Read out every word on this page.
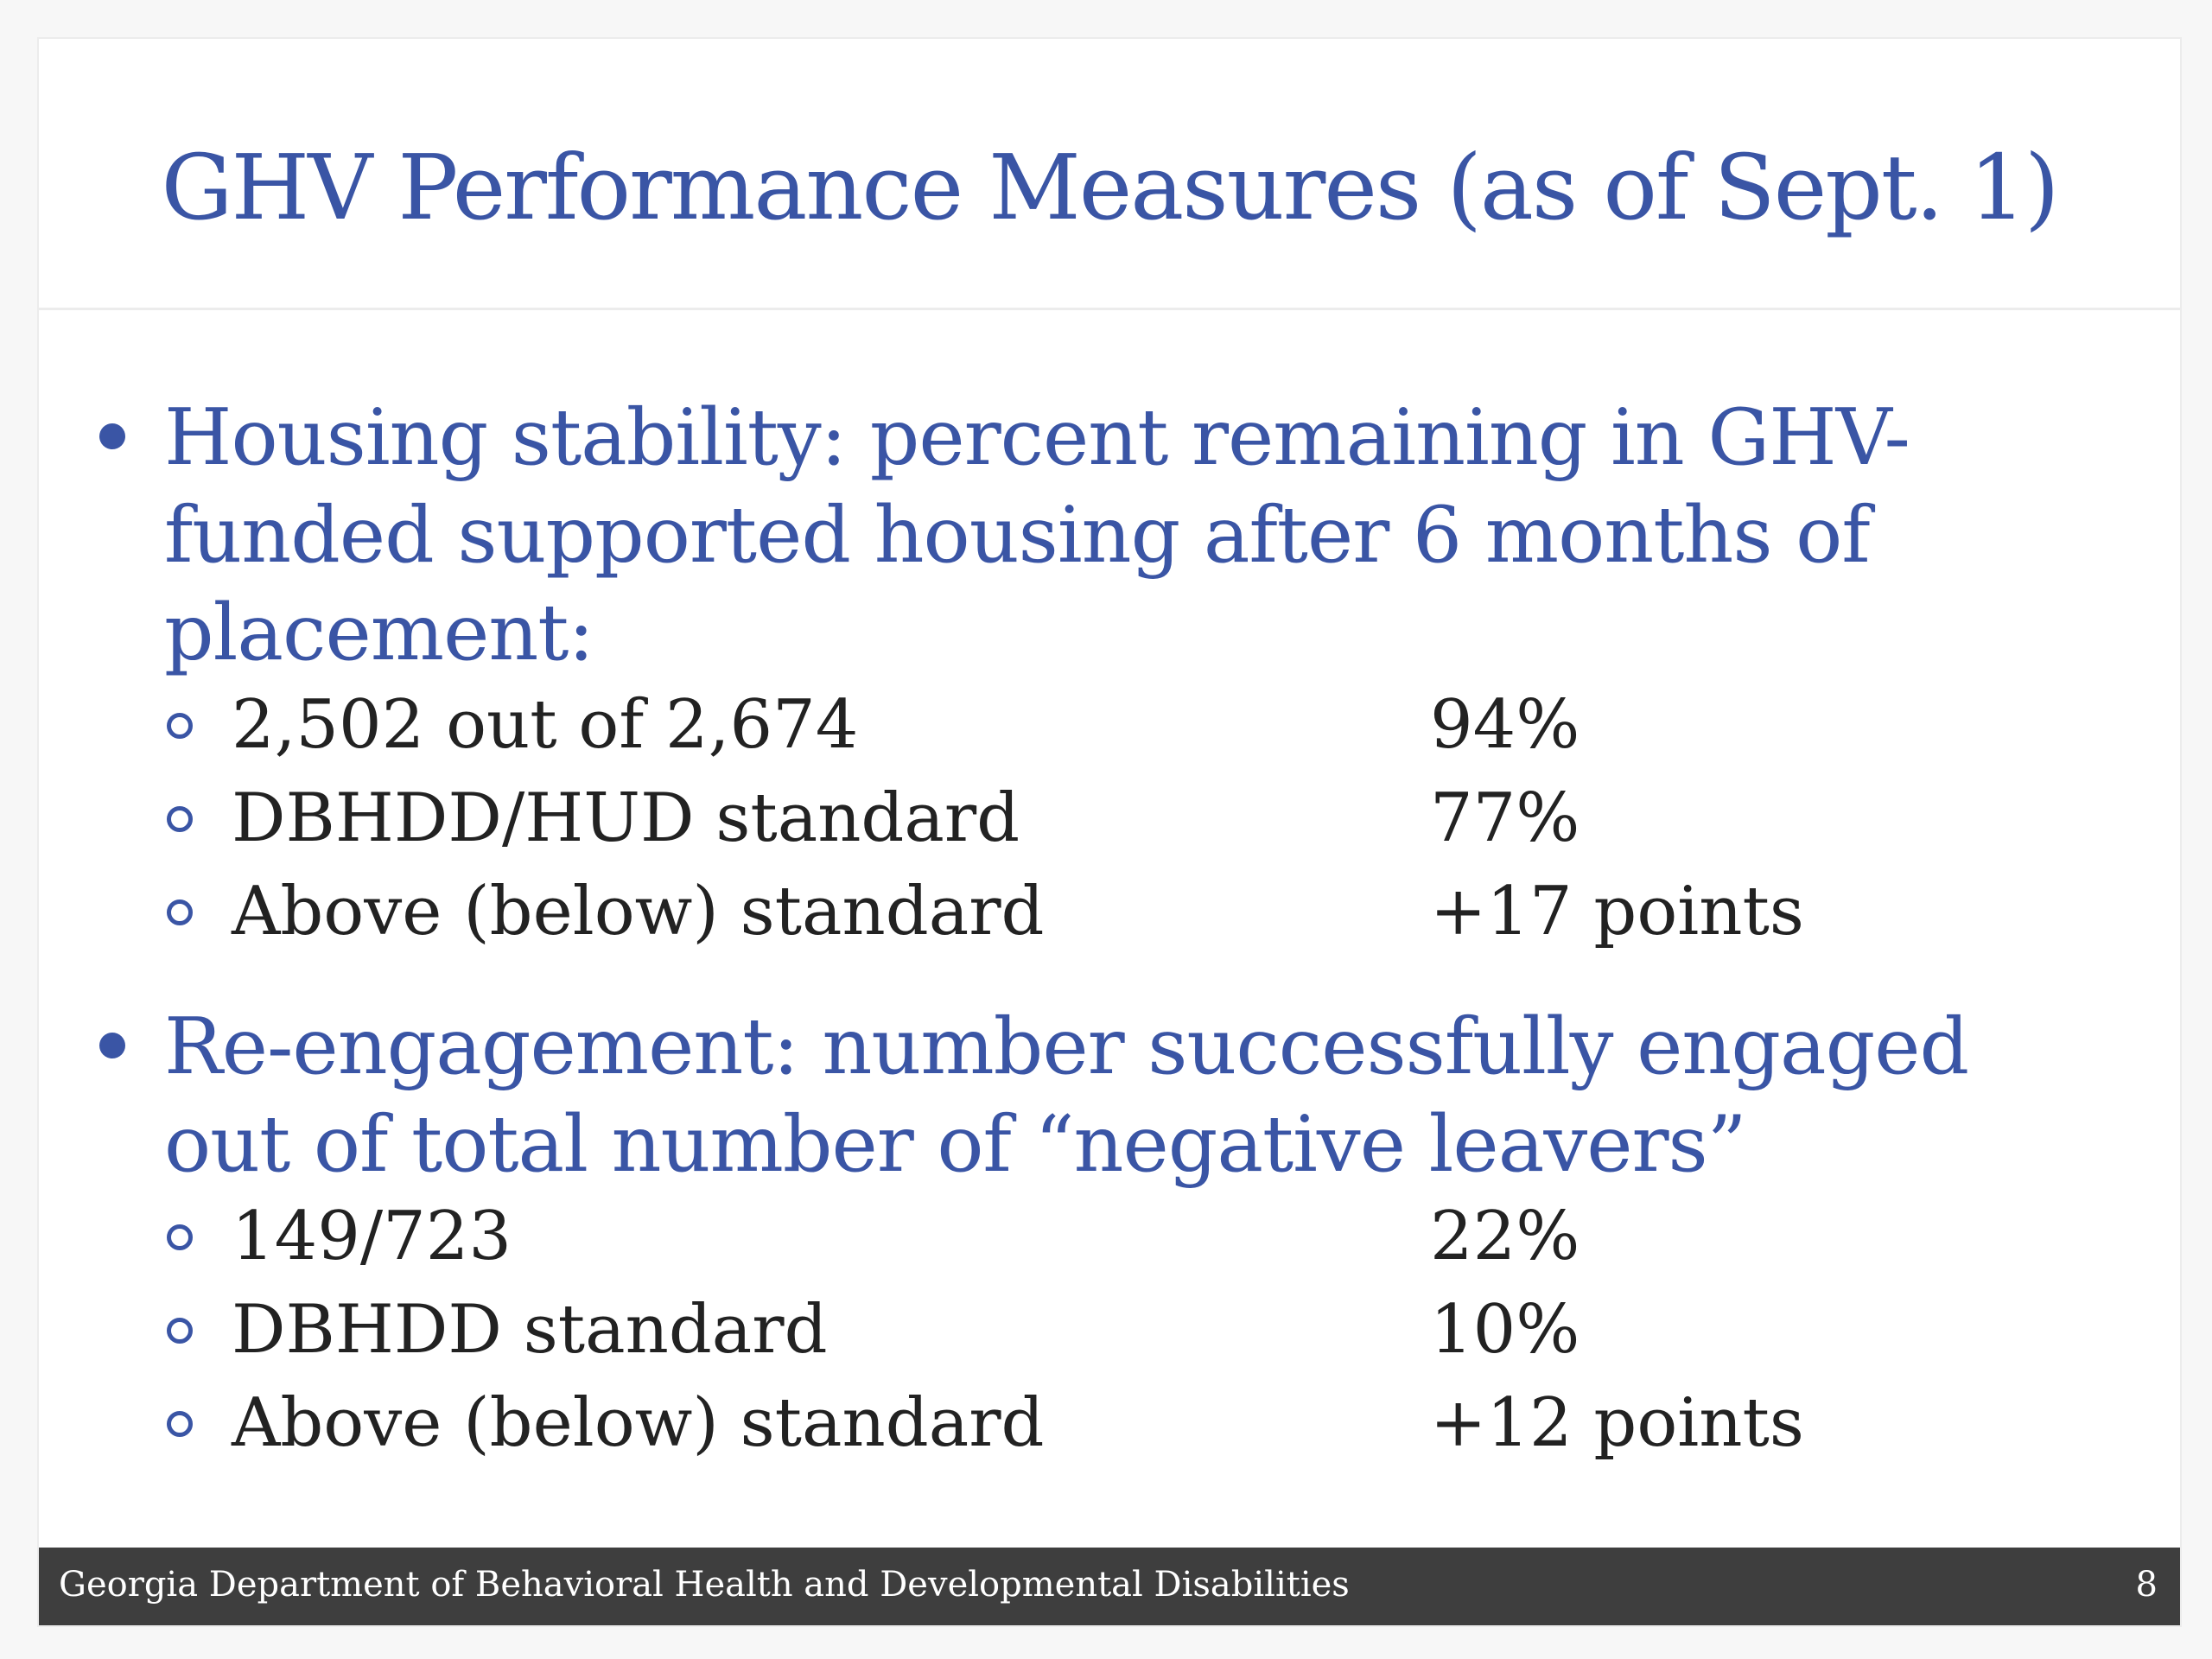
GHV Performance Measures (as of Sept. 1)
Housing stability: percent remaining in GHV-funded supported housing after 6 months of placement:
2,502 out of 2,674	94%
DBHDD/HUD standard	77%
Above (below) standard	+17 points
Re-engagement: number successfully engaged out of total number of “negative leavers”
149/723	22%
DBHDD standard	10%
Above (below) standard	+12 points
Georgia Department of Behavioral Health and Developmental Disabilities	8
